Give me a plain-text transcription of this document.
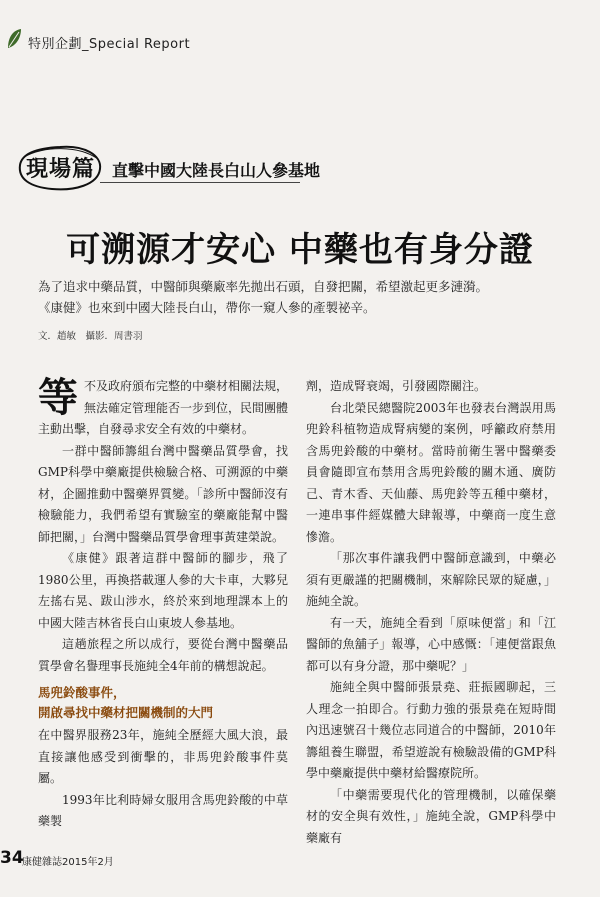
特別企劃_Special Report
現場篇 直擊中國大陸長白山人參基地
可溯源才安心 中藥也有身分證
為了追求中藥品質，中醫師與藥廠率先拋出石頭，自發把關，希望激起更多漣漪。
《康健》也來到中國大陸長白山，帶你一窺人參的產製祕辛。
文．趙敏　攝影．周書羽

等不及政府頒布完整的中藥材相關法規，無法確定管理能否一步到位，民間團體主動出擊，自發尋求安全有效的中藥材。

一群中醫師籌組台灣中醫藥品質學會，找GMP科學中藥廠提供檢驗合格、可溯源的中藥材，企圖推動中醫藥界質變。「診所中醫師沒有檢驗能力，我們希望有實驗室的藥廠能幫中醫師把關，」台灣中醫藥品質學會理事黃建榮說。

《康健》跟著這群中醫師的腳步，飛了1980公里，再換搭載運人參的大卡車，大夥兒左搖右晃、跋山涉水，終於來到地理課本上的中國大陸吉林省長白山東坡人參基地。

這趟旅程之所以成行，要從台灣中醫藥品質學會名譽理事長施純全4年前的構想說起。

馬兜鈴酸事件，
開啟尋找中藥材把關機制的大門

在中醫界服務23年，施純全歷經大風大浪，最直接讓他感受到衝擊的，非馬兜鈴酸事件莫屬。

1993年比利時婦女服用含馬兜鈴酸的中草藥製

劑，造成腎衰竭，引發國際關注。

台北榮民總醫院2003年也發表台灣誤用馬兜鈴科植物造成腎病變的案例，呼籲政府禁用含馬兜鈴酸的中藥材。當時前衛生署中醫藥委員會隨即宣布禁用含馬兜鈴酸的關木通、廣防己、青木香、天仙藤、馬兜鈴等五種中藥材，一連串事件經媒體大肆報導，中藥商一度生意慘澹。

「那次事件讓我們中醫師意識到，中藥必須有更嚴謹的把關機制，來解除民眾的疑慮，」施純全說。

有一天，施純全看到「原味便當」和「江醫師的魚舖子」報導，心中感慨：「連便當跟魚都可以有身分證，那中藥呢？」

施純全與中醫師張景堯、莊振國聊起，三人理念一拍即合。行動力強的張景堯在短時間內迅速號召十幾位志同道合的中醫師，2010年籌組養生聯盟，希望遊說有檢驗設備的GMP科學中藥廠提供中藥材給醫療院所。

「中藥需要現代化的管理機制，以確保藥材的安全與有效性，」施純全說，GMP科學中藥廠有

34
康健雜誌2015年2月
